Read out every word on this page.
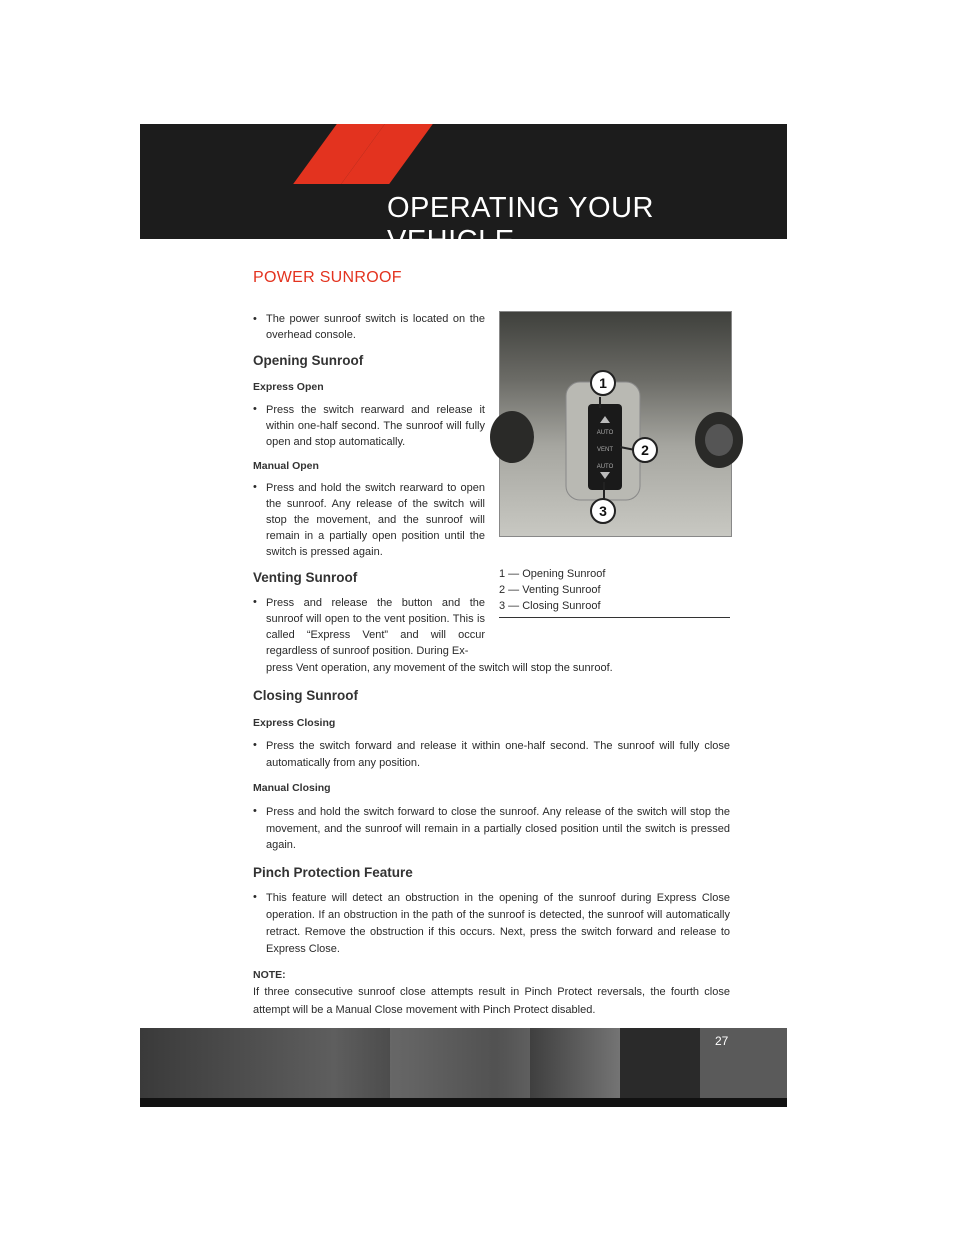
OPERATING YOUR VEHICLE
POWER SUNROOF
• The power sunroof switch is located on the overhead console.
Opening Sunroof
Express Open
• Press the switch rearward and release it within one-half second. The sunroof will fully open and stop automatically.
Manual Open
• Press and hold the switch rearward to open the sunroof. Any release of the switch will stop the movement, and the sunroof will remain in a partially open position until the switch is pressed again.
Venting Sunroof
• Press and release the button and the sunroof will open to the vent position. This is called “Express Vent” and will occur regardless of sunroof position. During Ex-
press Vent operation, any movement of the switch will stop the sunroof.
AUTO
VENT
AUTO
1
2
3
1 — Opening Sunroof
2 — Venting Sunroof
3 — Closing Sunroof
Closing Sunroof
Express Closing
• Press the switch forward and release it within one-half second. The sunroof will fully close automatically from any position.
Manual Closing
• Press and hold the switch forward to close the sunroof. Any release of the switch will stop the movement, and the sunroof will remain in a partially closed position until the switch is pressed again.
Pinch Protection Feature
• This feature will detect an obstruction in the opening of the sunroof during Express Close operation. If an obstruction in the path of the sunroof is detected, the sunroof will automatically retract. Remove the obstruction if this occurs. Next, press the switch forward and release to Express Close.
NOTE:
If three consecutive sunroof close attempts result in Pinch Protect reversals, the fourth close attempt will be a Manual Close movement with Pinch Protect disabled.
27
